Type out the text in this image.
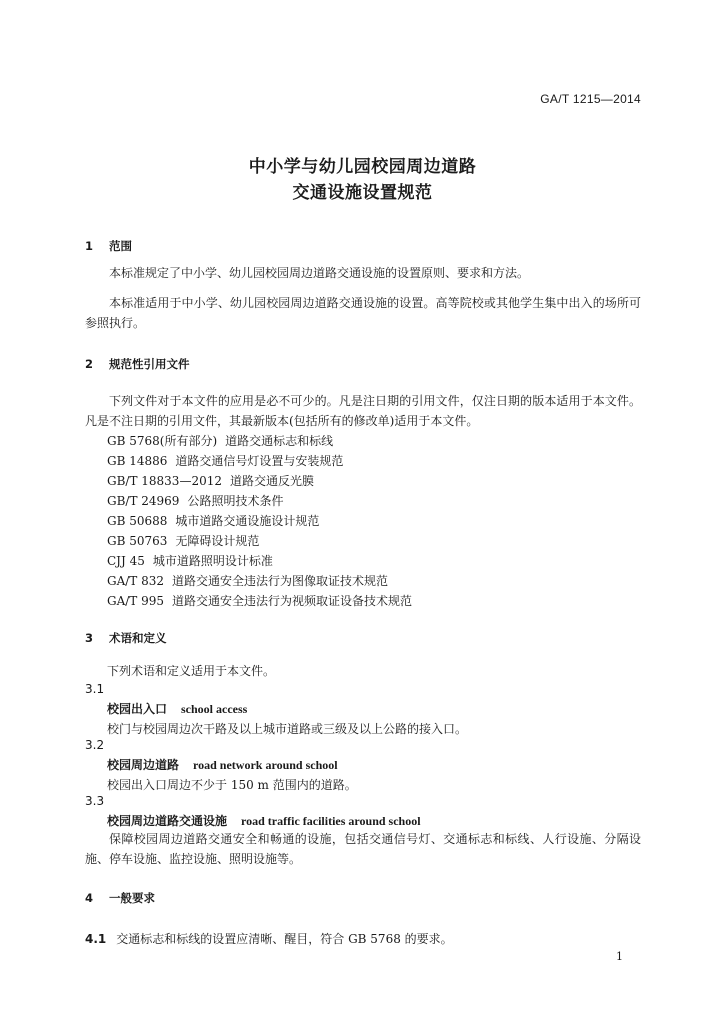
GA/T 1215—2014
中小学与幼儿园校园周边道路
交通设施设置规范
1 范围

本标准规定了中小学、幼儿园校园周边道路交通设施的设置原则、要求和方法。

本标准适用于中小学、幼儿园校园周边道路交通设施的设置。高等院校或其他学生集中出入的场所可参照执行。

2 规范性引用文件

下列文件对于本文件的应用是必不可少的。凡是注日期的引用文件，仅注日期的版本适用于本文件。凡是不注日期的引用文件，其最新版本(包括所有的修改单)适用于本文件。

GB 5768(所有部分) 道路交通标志和标线
GB 14886 道路交通信号灯设置与安装规范
GB/T 18833—2012 道路交通反光膜
GB/T 24969 公路照明技术条件
GB 50688 城市道路交通设施设计规范
GB 50763 无障碍设计规范
CJJ 45 城市道路照明设计标准
GA/T 832 道路交通安全违法行为图像取证技术规范
GA/T 995 道路交通安全违法行为视频取证设备技术规范
3 术语和定义
下列术语和定义适用于本文件。
3.1
校园出入口 school access
校门与校园周边次干路及以上城市道路或三级及以上公路的接入口。
3.2
校园周边道路 road network around school
校园出入口周边不少于 150 m 范围内的道路。
3.3
校园周边道路交通设施 road traffic facilities around school

保障校园周边道路交通安全和畅通的设施，包括交通信号灯、交通标志和标线、人行设施、分隔设施、停车设施、监控设施、照明设施等。

4 一般要求
4.1 交通标志和标线的设置应清晰、醒目，符合 GB 5768 的要求。
1
